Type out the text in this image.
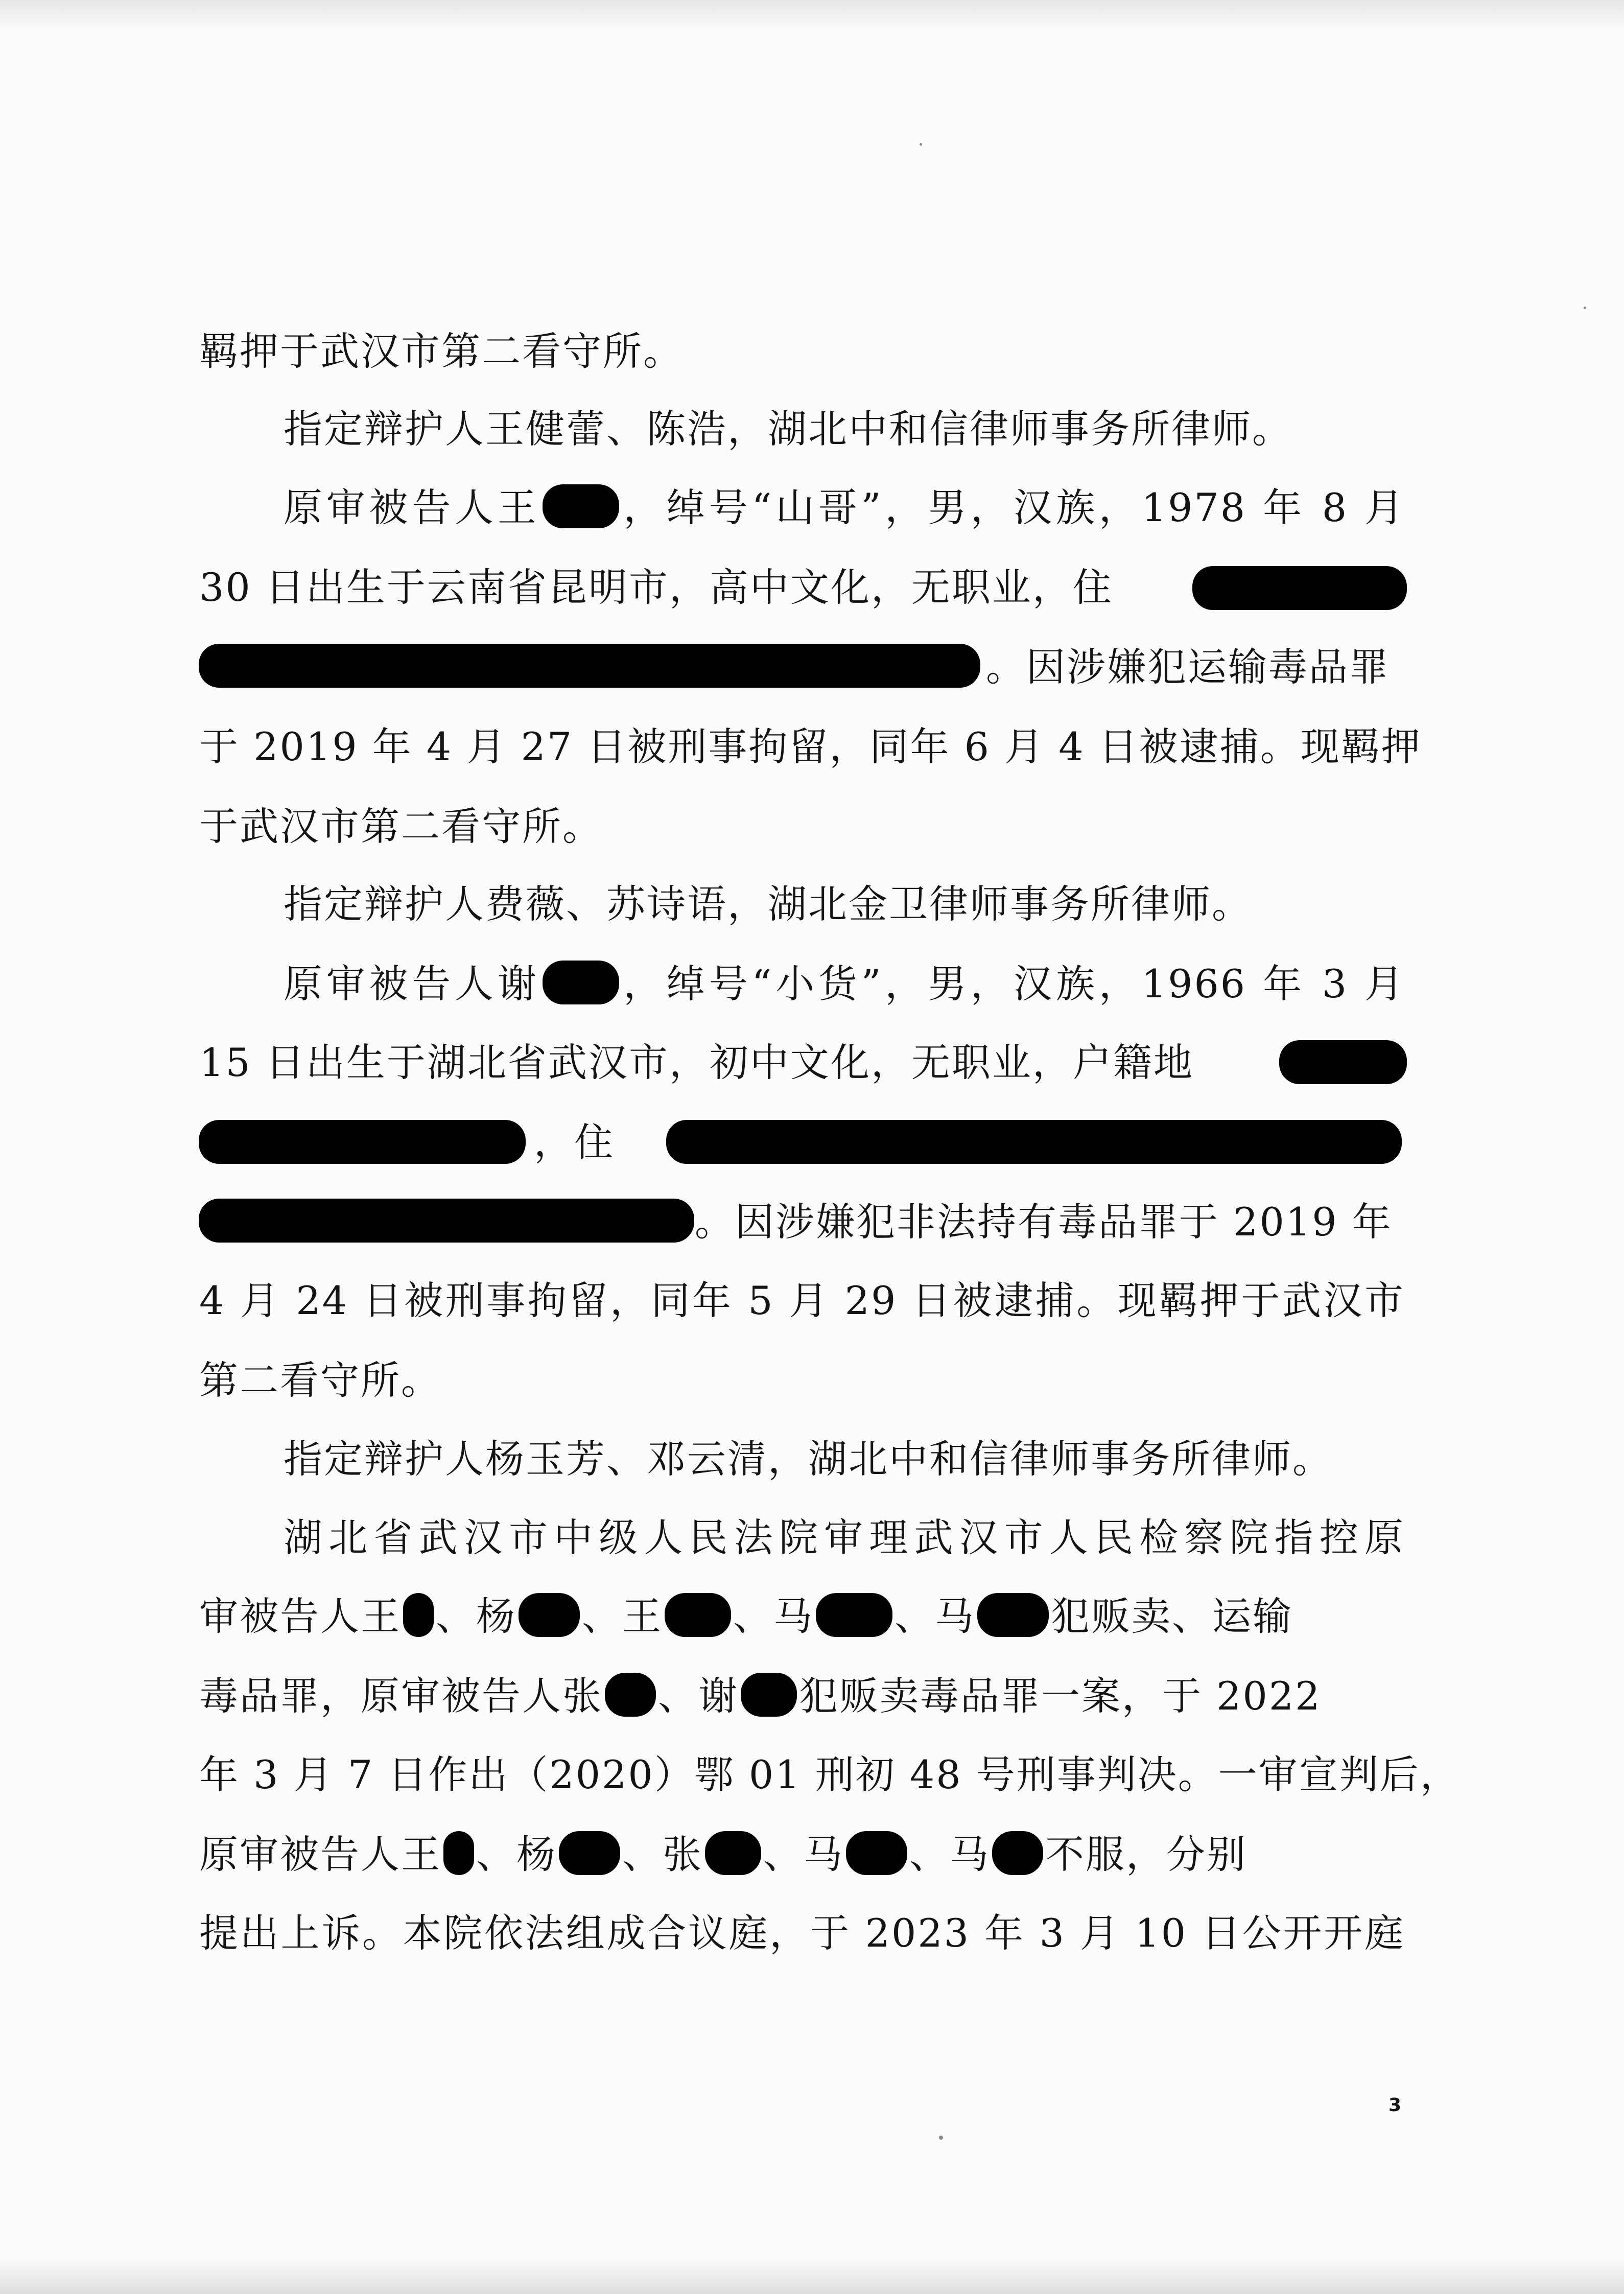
羁押于武汉市第二看守所。
指定辩护人王健蕾、陈浩，湖北中和信律师事务所律师。
原审被告人王 ，绰号“山哥”，男，汉族，1978 年 8 月
30 日出生于云南省昆明市，高中文化，无职业，住
。因涉嫌犯运输毒品罪
于 2019 年 4 月 27 日被刑事拘留，同年 6 月 4 日被逮捕。现羁押
于武汉市第二看守所。
指定辩护人费薇、苏诗语，湖北金卫律师事务所律师。
原审被告人谢 ，绰号“小货”，男，汉族，1966 年 3 月
15 日出生于湖北省武汉市，初中文化，无职业，户籍地
，住
。因涉嫌犯非法持有毒品罪于 2019 年
4 月 24 日被刑事拘留，同年 5 月 29 日被逮捕。现羁押于武汉市
第二看守所。
指定辩护人杨玉芳、邓云清，湖北中和信律师事务所律师。
湖北省武汉市中级人民法院审理武汉市人民检察院指控原
审被告人王 、杨 、王 、马 、马 犯贩卖、运输
毒品罪，原审被告人张 、谢 犯贩卖毒品罪一案，于 2022
年 3 月 7 日作出（2020）鄂 01 刑初 48 号刑事判决。一审宣判后，
原审被告人王 、杨 、张 、马 、马 不服，分别
提出上诉。本院依法组成合议庭，于 2023 年 3 月 10 日公开开庭
3
